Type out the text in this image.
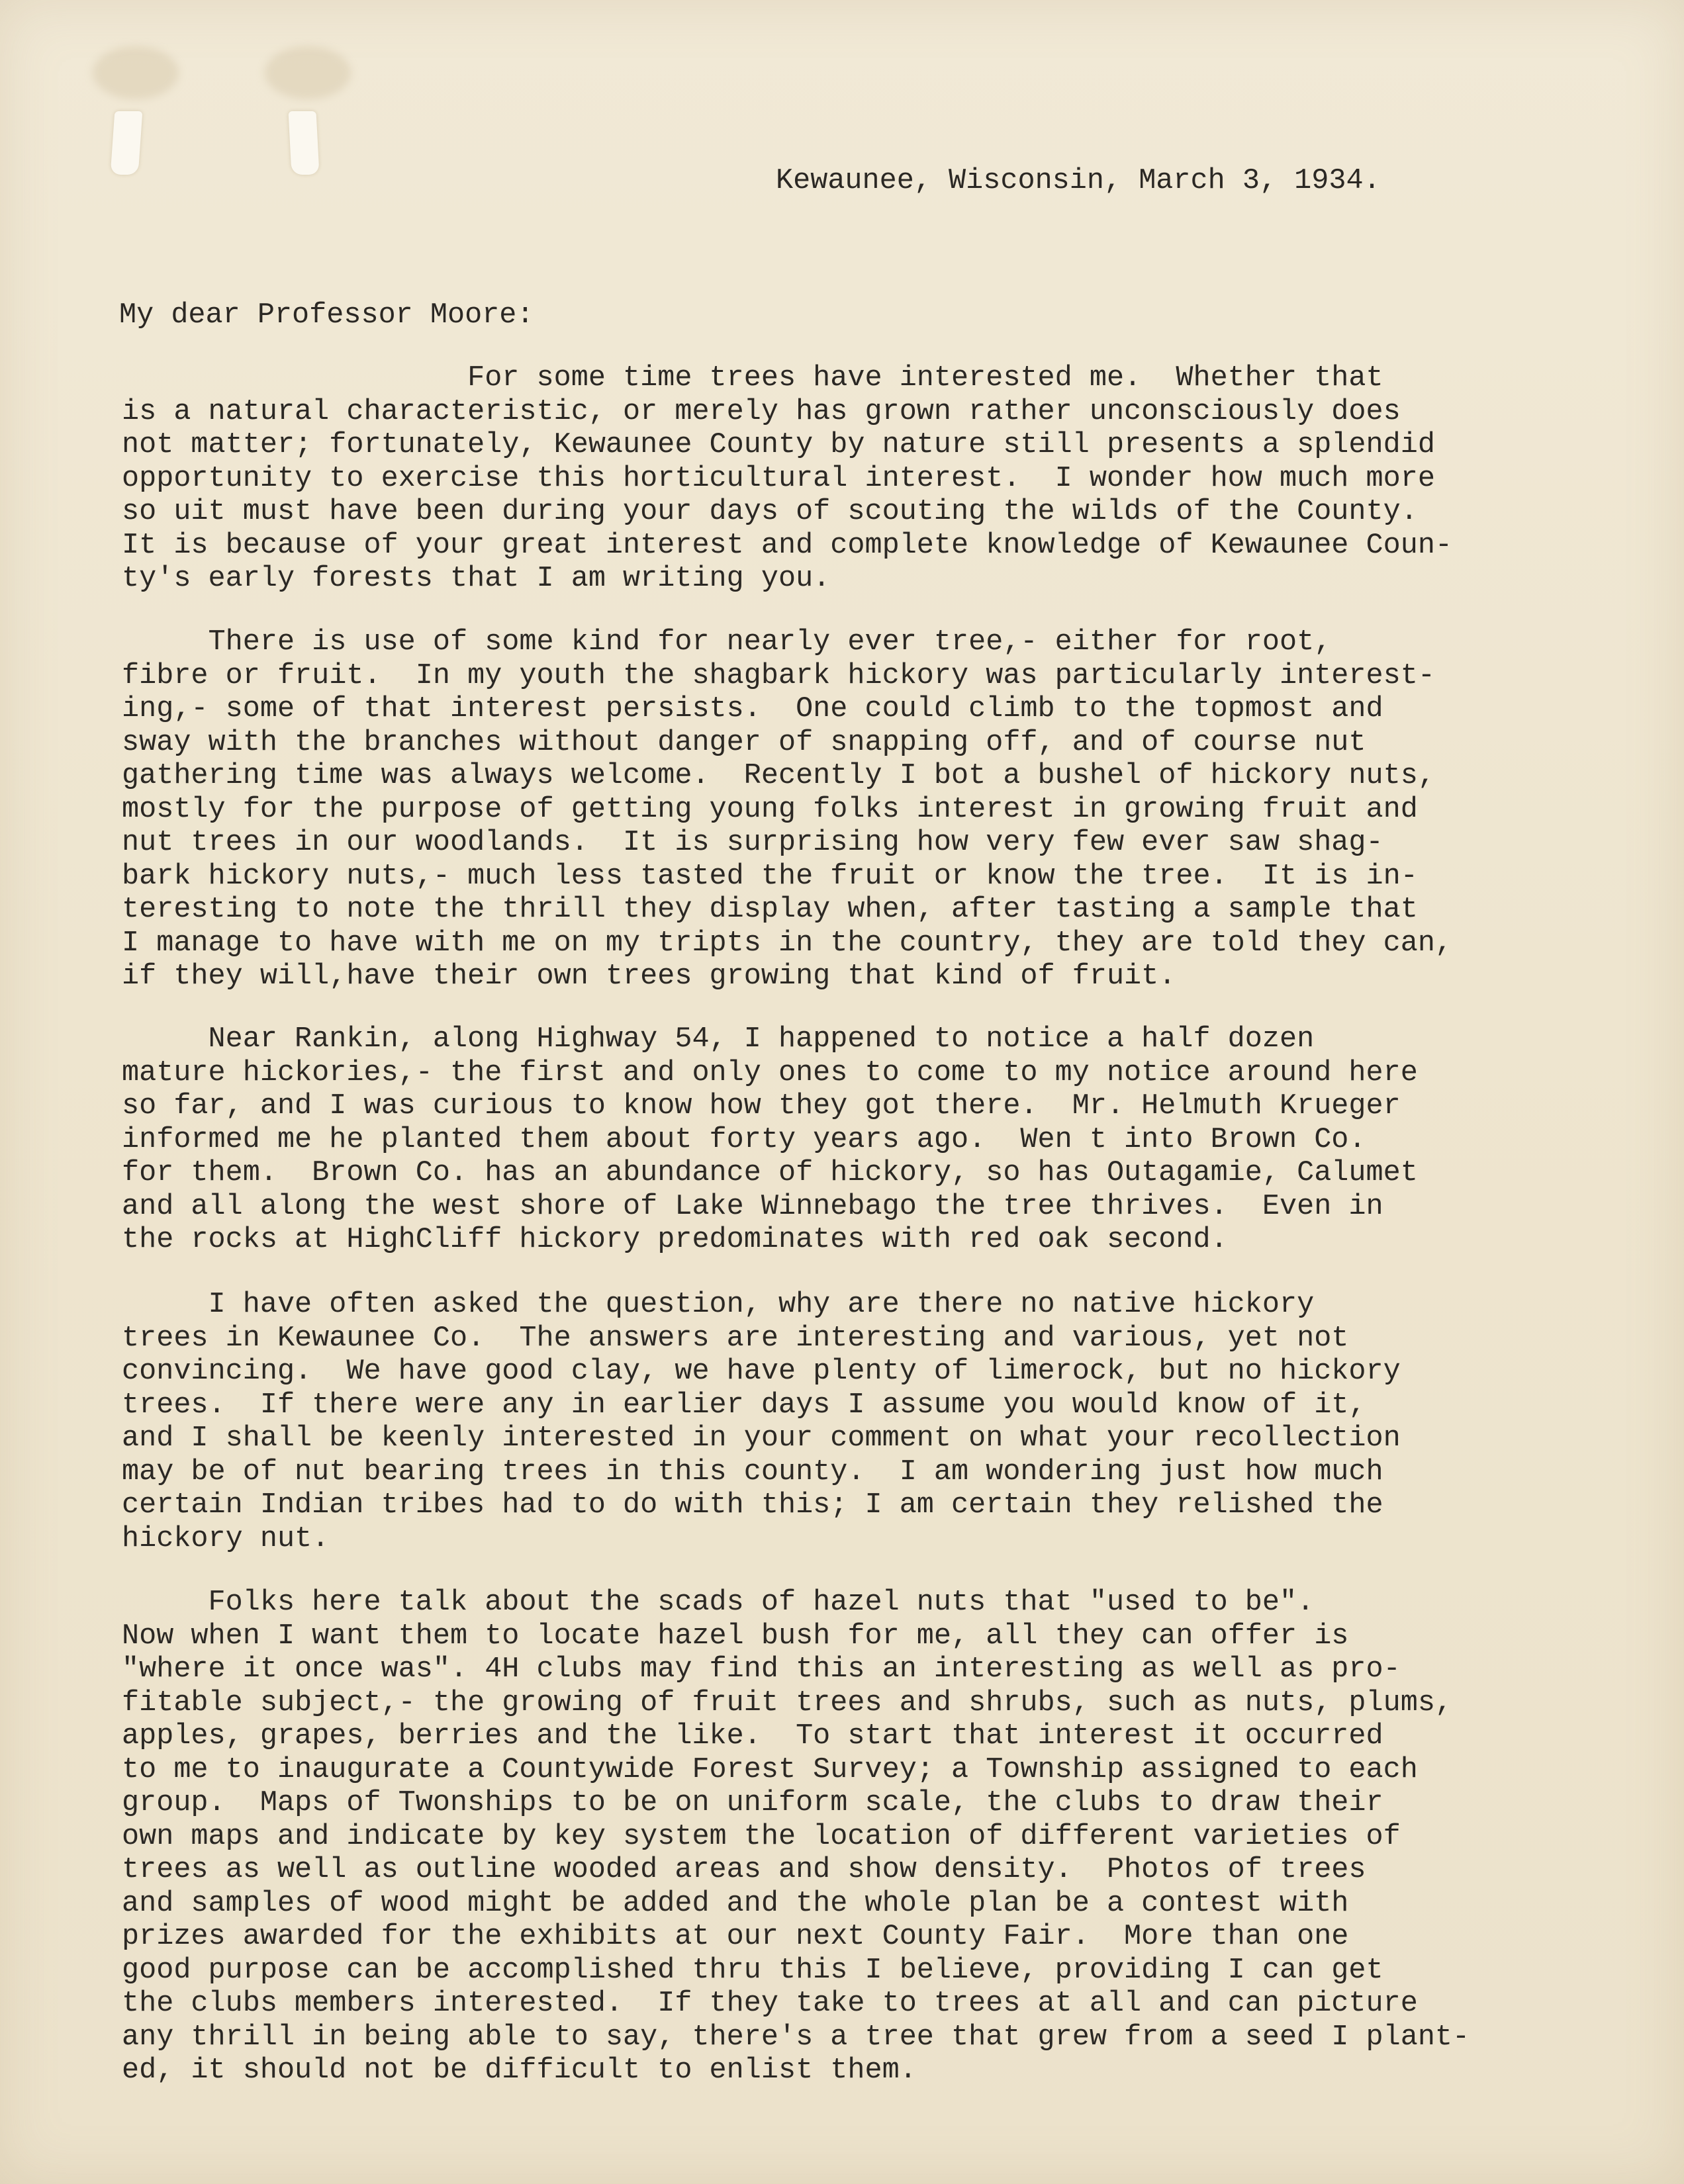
Kewaunee, Wisconsin, March 3, 1934.
My dear Professor Moore:
For some time trees have interested me.  Whether that
is a natural characteristic, or merely has grown rather unconsciously does
not matter; fortunately, Kewaunee County by nature still presents a splendid
opportunity to exercise this horticultural interest.  I wonder how much more
so uit must have been during your days of scouting the wilds of the County.
It is because of your great interest and complete knowledge of Kewaunee Coun-
ty's early forests that I am writing you.
There is use of some kind for nearly ever tree,- either for root,
fibre or fruit.  In my youth the shagbark hickory was particularly interest-
ing,- some of that interest persists.  One could climb to the topmost and
sway with the branches without danger of snapping off, and of course nut
gathering time was always welcome.  Recently I bot a bushel of hickory nuts,
mostly for the purpose of getting young folks interest in growing fruit and
nut trees in our woodlands.  It is surprising how very few ever saw shag-
bark hickory nuts,- much less tasted the fruit or know the tree.  It is in-
teresting to note the thrill they display when, after tasting a sample that
I manage to have with me on my tripts in the country, they are told they can,
if they will,have their own trees growing that kind of fruit.
Near Rankin, along Highway 54, I happened to notice a half dozen
mature hickories,- the first and only ones to come to my notice around here
so far, and I was curious to know how they got there.  Mr. Helmuth Krueger
informed me he planted them about forty years ago.  Wen t into Brown Co.
for them.  Brown Co. has an abundance of hickory, so has Outagamie, Calumet
and all along the west shore of Lake Winnebago the tree thrives.  Even in
the rocks at HighCliff hickory predominates with red oak second.
I have often asked the question, why are there no native hickory
trees in Kewaunee Co.  The answers are interesting and various, yet not
convincing.  We have good clay, we have plenty of limerock, but no hickory
trees.  If there were any in earlier days I assume you would know of it,
and I shall be keenly interested in your comment on what your recollection
may be of nut bearing trees in this county.  I am wondering just how much
certain Indian tribes had to do with this; I am certain they relished the
hickory nut.
Folks here talk about the scads of hazel nuts that "used to be".
Now when I want them to locate hazel bush for me, all they can offer is
"where it once was". 4H clubs may find this an interesting as well as pro-
fitable subject,- the growing of fruit trees and shrubs, such as nuts, plums,
apples, grapes, berries and the like.  To start that interest it occurred
to me to inaugurate a Countywide Forest Survey; a Township assigned to each
group.  Maps of Twonships to be on uniform scale, the clubs to draw their
own maps and indicate by key system the location of different varieties of
trees as well as outline wooded areas and show density.  Photos of trees
and samples of wood might be added and the whole plan be a contest with
prizes awarded for the exhibits at our next County Fair.  More than one
good purpose can be accomplished thru this I believe, providing I can get
the clubs members interested.  If they take to trees at all and can picture
any thrill in being able to say, there's a tree that grew from a seed I plant-
ed, it should not be difficult to enlist them.
